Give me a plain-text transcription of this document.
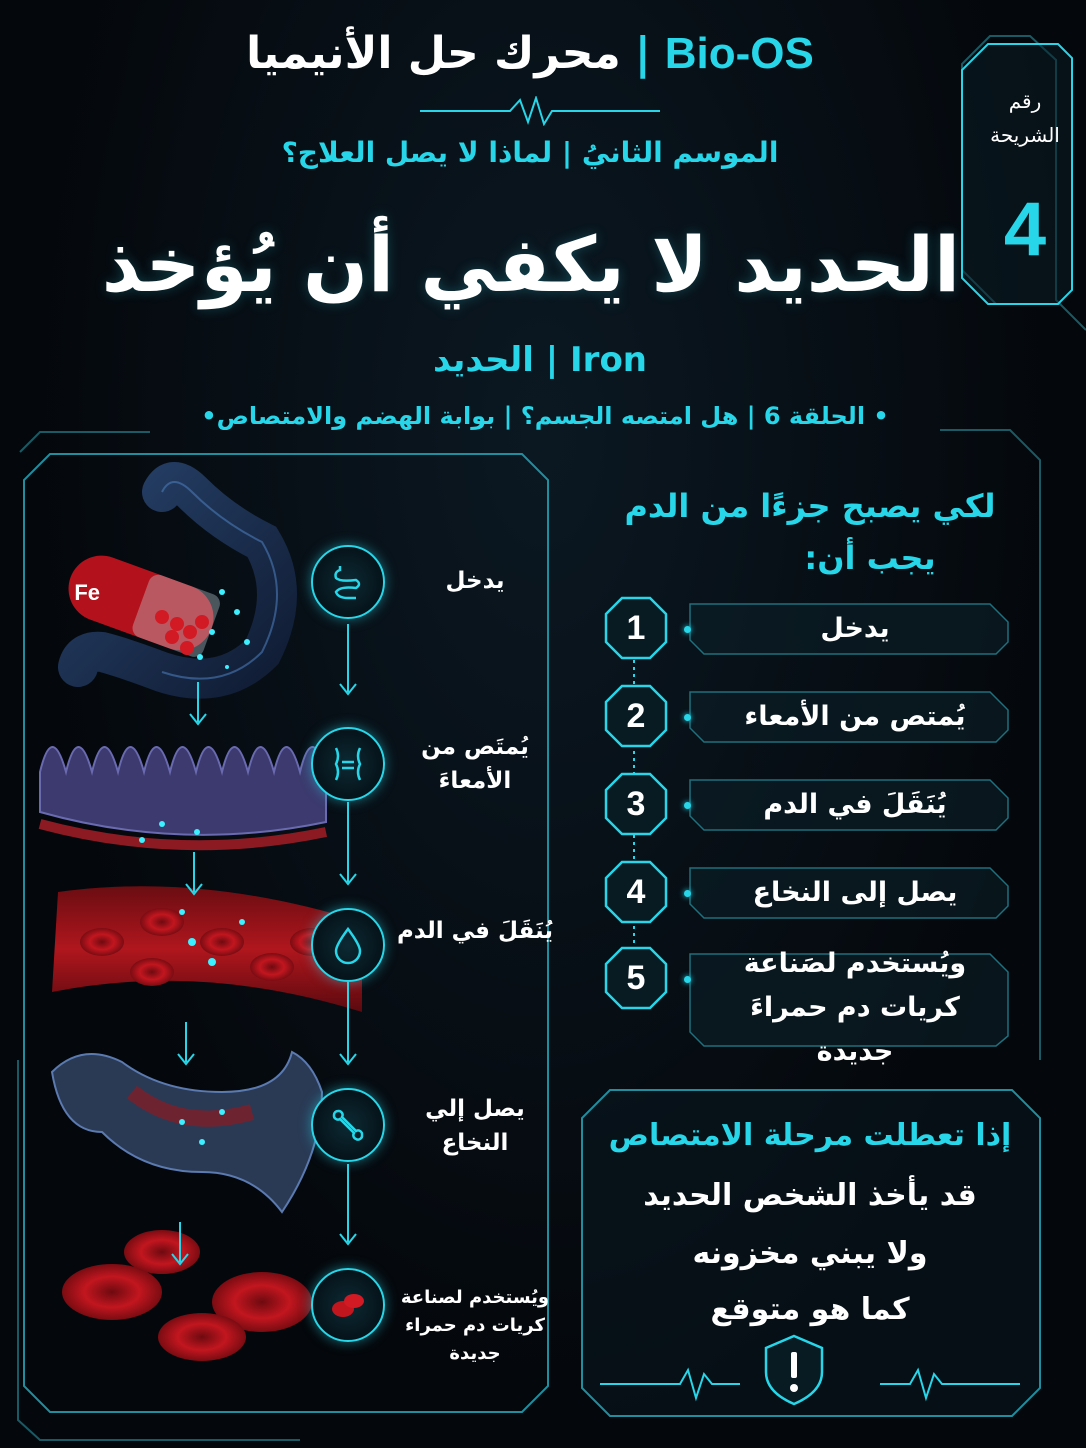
Bio-OS|محرك حل الأنيميا
الموسم الثانيُ | لماذا لا يصل العلاج؟
رقم الشريحة
4
الحديد لا يكفي أن يُؤخذ
Iron | الحديد
• الحلقة 6 | هل امتصه الجسم؟ | بوابة الهضم والامتصاص•
Fe	يدخل
يُمتَص من الأمعاءَ
يُنَقَلَ في الدم
يصل إلي النخاع
ويُستخدم لصناعة كريات دم حمراء جديدة
لكي يصبح جزءًا من الدم
يجب أن:
1	يدخل
2	يُمتص من الأمعاء
3	يُنَقَلَ في الدم
4	يصل إلى النخاع
5	ويُستخدم لصَناعة كريات دم حمراءَ جديدة
إذا تعطلت مرحلة الامتصاص
قد يأخذ الشخص الحديد
ولا يبني مخزونه
كما هو متوقع
